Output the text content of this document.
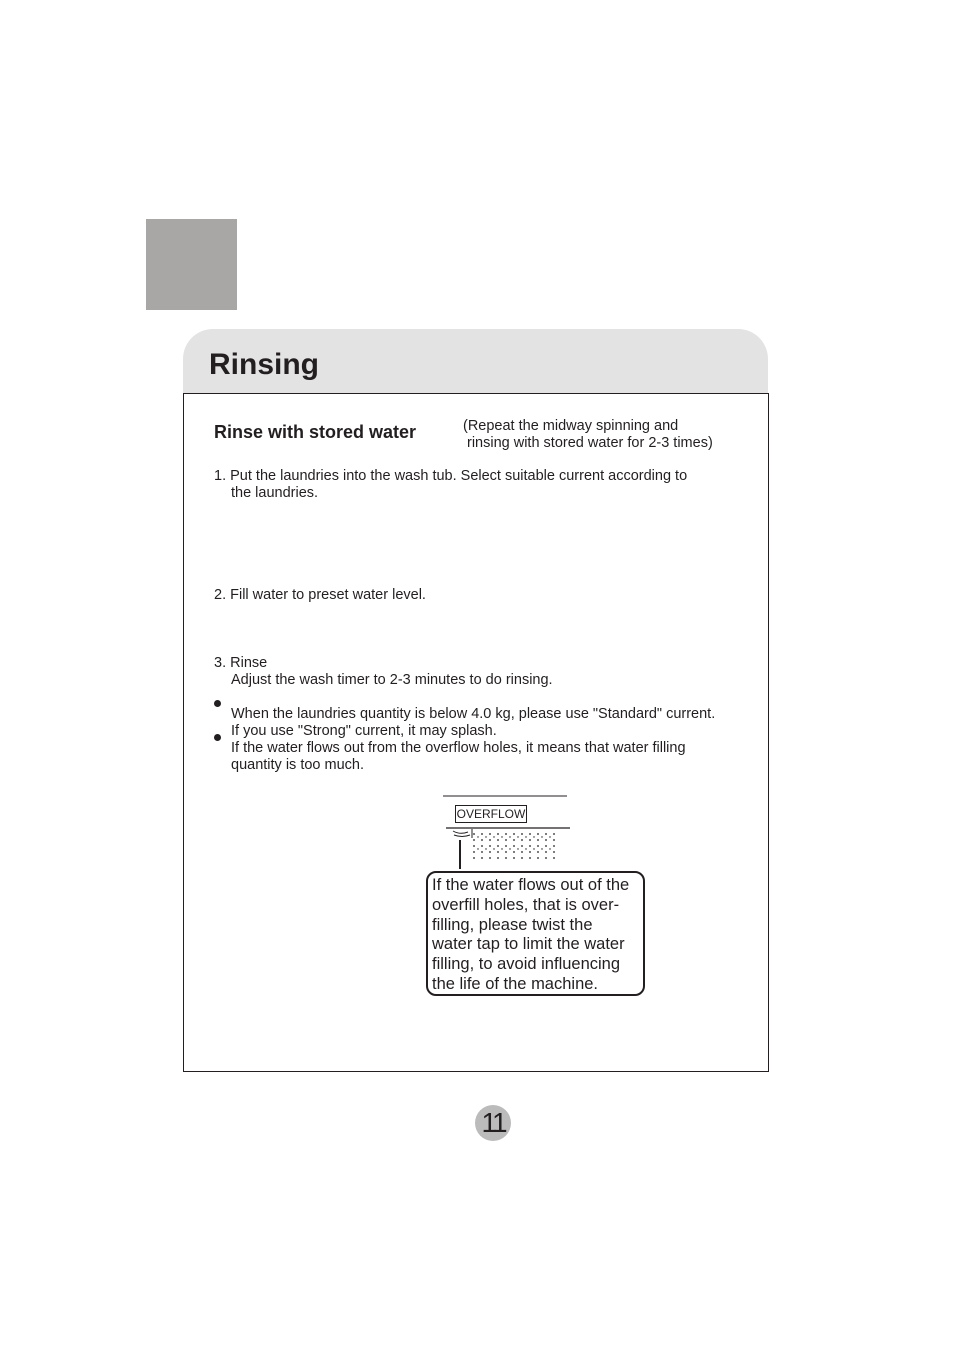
Rinsing
Rinse with stored water	(Repeat the midway spinning and
rinsing with stored water for 2-3 times)
1. Put the laundries into the wash tub. Select suitable current according to
the laundries.
2. Fill water to preset water level.
3. Rinse
Adjust the wash timer to 2-3 minutes to do rinsing.
When the laundries quantity is below 4.0 kg, please use "Standard" current.
If you use "Strong" current, it may splash.
If the water flows out from the overflow holes, it means that water filling
quantity is too much.
OVERFLOW
If the water flows out of the
overfill holes, that is over-
filling, please twist the
water tap to limit the water
filling, to avoid influencing
the life of the machine.
11
